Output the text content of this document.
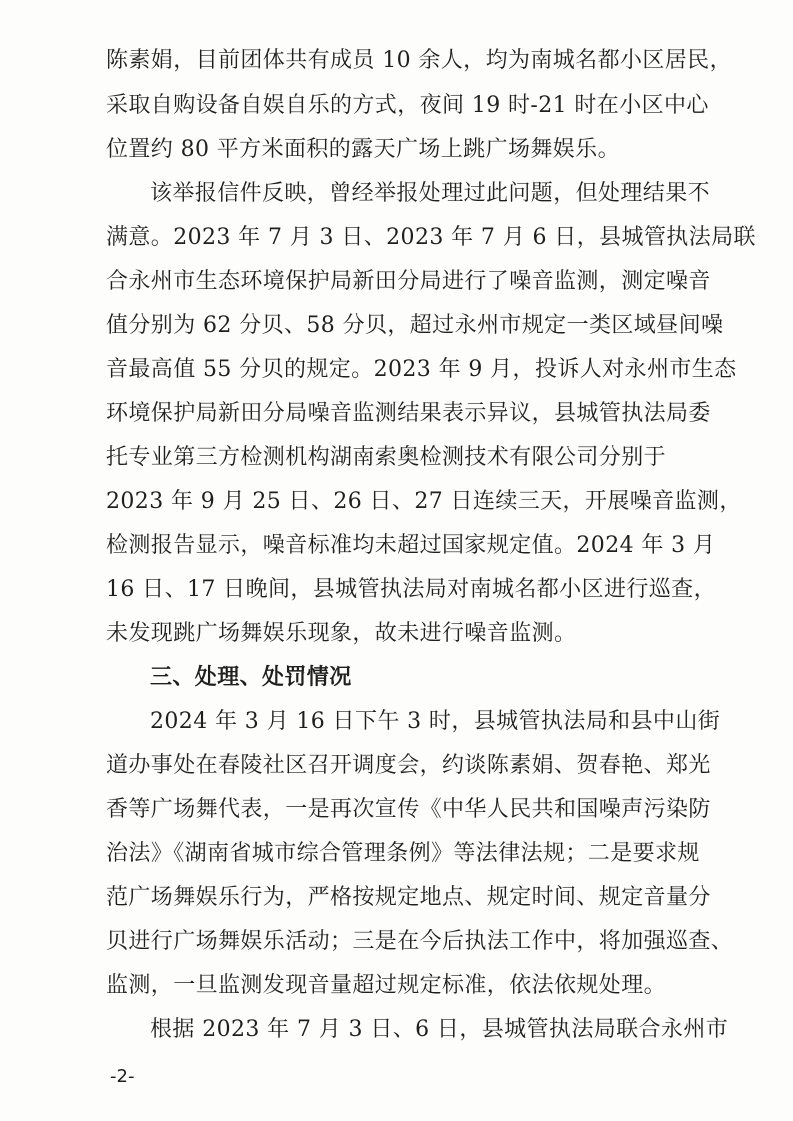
陈素娟，目前团体共有成员 10 余人，均为南城名都小区居民，
采取自购设备自娱自乐的方式，夜间 19 时-21 时在小区中心
位置约 80 平方米面积的露天广场上跳广场舞娱乐。
该举报信件反映，曾经举报处理过此问题，但处理结果不
满意。2023 年 7 月 3 日、2023 年 7 月 6 日，县城管执法局联
合永州市生态环境保护局新田分局进行了噪音监测，测定噪音
值分别为 62 分贝、58 分贝，超过永州市规定一类区域昼间噪
音最高值 55 分贝的规定。2023 年 9 月，投诉人对永州市生态
环境保护局新田分局噪音监测结果表示异议，县城管执法局委
托专业第三方检测机构湖南索奥检测技术有限公司分别于
2023 年 9 月 25 日、26 日、27 日连续三天，开展噪音监测，
检测报告显示，噪音标准均未超过国家规定值。2024 年 3 月
16 日、17 日晚间，县城管执法局对南城名都小区进行巡查，
未发现跳广场舞娱乐现象，故未进行噪音监测。
三、处理、处罚情况
2024 年 3 月 16 日下午 3 时，县城管执法局和县中山街
道办事处在春陵社区召开调度会，约谈陈素娟、贺春艳、郑光
香等广场舞代表，一是再次宣传《中华人民共和国噪声污染防
治法》《湖南省城市综合管理条例》等法律法规；二是要求规
范广场舞娱乐行为，严格按规定地点、规定时间、规定音量分
贝进行广场舞娱乐活动；三是在今后执法工作中，将加强巡查、
监测，一旦监测发现音量超过规定标准，依法依规处理。
根据 2023 年 7 月 3 日、6 日，县城管执法局联合永州市
-2-
